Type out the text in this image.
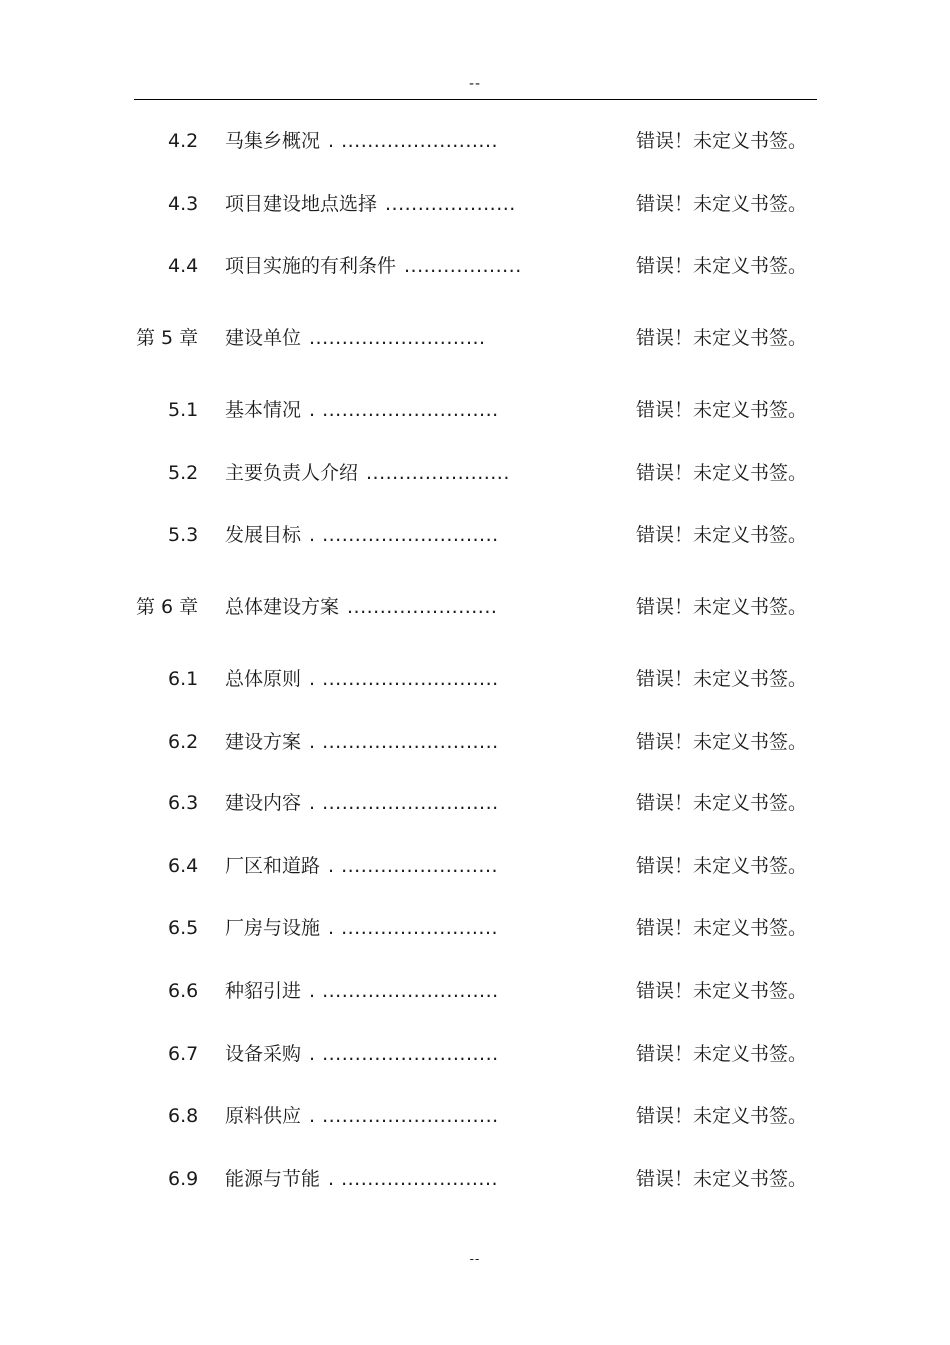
--
4.2 马集乡概况 . ........................	错误！未定义书签。
4.3 项目建设地点选择 ....................	错误！未定义书签。
4.4 项目实施的有利条件 ..................	错误！未定义书签。
第 5 章 建设单位 ...........................	错误！未定义书签。
5.1 基本情况 . ...........................	错误！未定义书签。
5.2 主要负责人介绍 ......................	错误！未定义书签。
5.3 发展目标 . ...........................	错误！未定义书签。
第 6 章 总体建设方案 .......................	错误！未定义书签。
6.1 总体原则 . ...........................	错误！未定义书签。
6.2 建设方案 . ...........................	错误！未定义书签。
6.3 建设内容 . ...........................	错误！未定义书签。
6.4 厂区和道路 . ........................	错误！未定义书签。
6.5 厂房与设施 . ........................	错误！未定义书签。
6.6 种貂引进 . ...........................	错误！未定义书签。
6.7 设备采购 . ...........................	错误！未定义书签。
6.8 原料供应 . ...........................	错误！未定义书签。
6.9 能源与节能 . ........................	错误！未定义书签。
--
